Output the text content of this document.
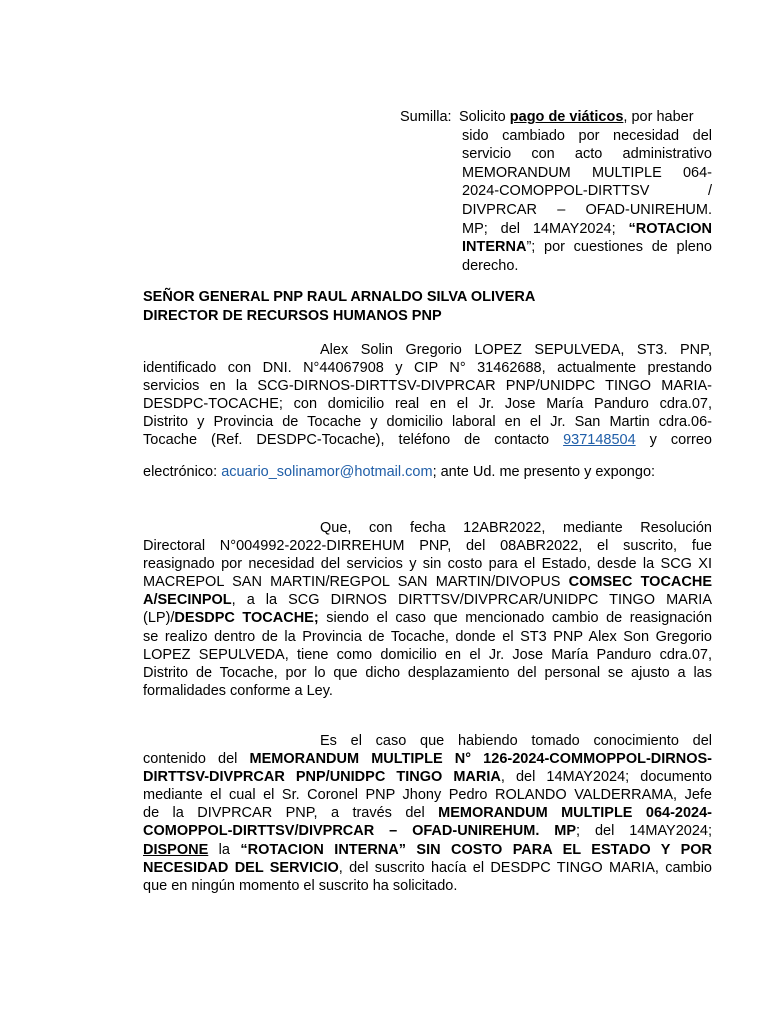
Sumilla: Solicito pago de viáticos, por haber
sido cambiado por necesidad del
servicio con acto administrativo
MEMORANDUM MULTIPLE 064-
2024-COMOPPOL-DIRTTSV /
DIVPRCAR – OFAD-UNIREHUM.
MP; del 14MAY2024; “ROTACION
INTERNA”; por cuestiones de pleno
derecho.
SEÑOR GENERAL PNP RAUL ARNALDO SILVA OLIVERA
DIRECTOR DE RECURSOS HUMANOS PNP
Alex Solin Gregorio LOPEZ SEPULVEDA, ST3. PNP,
identificado con DNI. N°44067908 y CIP N° 31462688, actualmente prestando
servicios en la SCG-DIRNOS-DIRTTSV-DIVPRCAR PNP/UNIDPC TINGO MARIA-
DESDPC-TOCACHE; con domicilio real en el Jr. Jose María Panduro cdra.07,
Distrito y Provincia de Tocache y domicilio laboral en el Jr. San Martin cdra.06-
Tocache (Ref. DESDPC-Tocache), teléfono de contacto 937148504 y correo
electrónico: acuario_solinamor@hotmail.com; ante Ud. me presento y expongo:
Que, con fecha 12ABR2022, mediante Resolución
Directoral N°004992-2022-DIRREHUM PNP, del 08ABR2022, el suscrito, fue
reasignado por necesidad del servicios y sin costo para el Estado, desde la SCG XI
MACREPOL SAN MARTIN/REGPOL SAN MARTIN/DIVOPUS COMSEC TOCACHE
A/SECINPOL, a la SCG DIRNOS DIRTTSV/DIVPRCAR/UNIDPC TINGO MARIA
(LP)/DESDPC TOCACHE; siendo el caso que mencionado cambio de reasignación
se realizo dentro de la Provincia de Tocache, donde el ST3 PNP Alex Son Gregorio
LOPEZ SEPULVEDA, tiene como domicilio en el Jr. Jose María Panduro cdra.07,
Distrito de Tocache, por lo que dicho desplazamiento del personal se ajusto a las
formalidades conforme a Ley.
Es el caso que habiendo tomado conocimiento del
contenido del MEMORANDUM MULTIPLE N° 126-2024-COMMOPPOL-DIRNOS-
DIRTTSV-DIVPRCAR PNP/UNIDPC TINGO MARIA, del 14MAY2024; documento
mediante el cual el Sr. Coronel PNP Jhony Pedro ROLANDO VALDERRAMA, Jefe
de la DIVPRCAR PNP, a través del MEMORANDUM MULTIPLE 064-2024-
COMOPPOL-DIRTTSV/DIVPRCAR – OFAD-UNIREHUM. MP; del 14MAY2024;
DISPONE la “ROTACION INTERNA” SIN COSTO PARA EL ESTADO Y POR
NECESIDAD DEL SERVICIO, del suscrito hacía el DESDPC TINGO MARIA, cambio
que en ningún momento el suscrito ha solicitado.
